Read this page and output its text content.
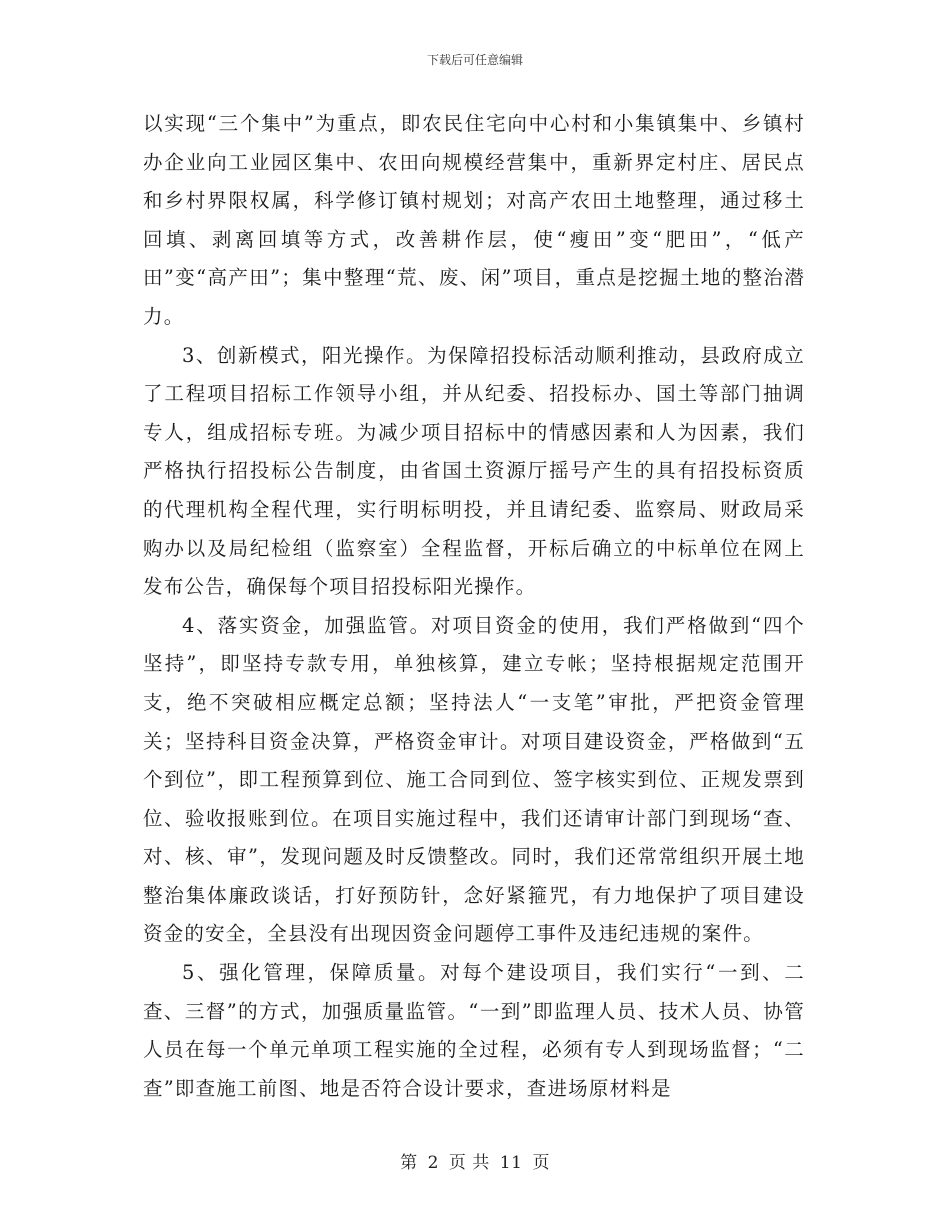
下载后可任意编辑

以实现“三个集中”为重点，即农民住宅向中心村和小集镇集中、乡镇村办企业向工业园区集中、农田向规模经营集中，重新界定村庄、居民点和乡村界限权属，科学修订镇村规划；对高产农田土地整理，通过移土回填、剥离回填等方式，改善耕作层，使“瘦田”变“肥田”，“低产田”变“高产田”；集中整理“荒、废、闲”项目，重点是挖掘土地的整治潜力。

3、创新模式，阳光操作。为保障招投标活动顺利推动，县政府成立了工程项目招标工作领导小组，并从纪委、招投标办、国土等部门抽调专人，组成招标专班。为减少项目招标中的情感因素和人为因素，我们严格执行招投标公告制度，由省国土资源厅摇号产生的具有招投标资质的代理机构全程代理，实行明标明投，并且请纪委、监察局、财政局采购办以及局纪检组（监察室）全程监督，开标后确立的中标单位在网上发布公告，确保每个项目招投标阳光操作。

4、落实资金，加强监管。对项目资金的使用，我们严格做到“四个坚持”，即坚持专款专用，单独核算，建立专帐；坚持根据规定范围开支，绝不突破相应概定总额；坚持法人“一支笔”审批，严把资金管理关；坚持科目资金决算，严格资金审计。对项目建设资金，严格做到“五个到位”，即工程预算到位、施工合同到位、签字核实到位、正规发票到位、验收报账到位。在项目实施过程中，我们还请审计部门到现场“查、对、核、审”，发现问题及时反馈整改。同时，我们还常常组织开展土地整治集体廉政谈话，打好预防针，念好紧箍咒，有力地保护了项目建设资金的安全，全县没有出现因资金问题停工事件及违纪违规的案件。

5、强化管理，保障质量。对每个建设项目，我们实行“一到、二查、三督”的方式，加强质量监管。“一到”即监理人员、技术人员、协管人员在每一个单元单项工程实施的全过程，必须有专人到现场监督；“二查”即查施工前图、地是否符合设计要求，查进场原材料是

第 2 页 共 11 页
